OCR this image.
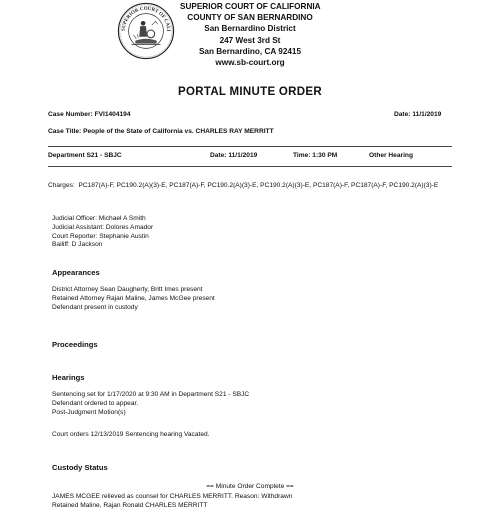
SUPERIOR COURT OF CALI
SUPERIOR COURT OF CALIFORNIA
COUNTY OF SAN BERNARDINO
San Bernardino District
247 West 3rd St
San Bernardino, CA 92415
www.sb-court.org
PORTAL MINUTE ORDER
Case Number: FVI1404194	Date: 11/1/2019
Case Title: People of the State of California vs. CHARLES RAY MERRITT
Department S21 - SBJC	Date: 11/1/2019	Time: 1:30 PM	Other Hearing
Charges: PC187(A)-F, PC190.2(A)(3)-E, PC187(A)-F, PC190.2(A)(3)-E, PC190.2(A)(3)-E, PC187(A)-F, PC187(A)-F, PC190.2(A)(3)-E
Judicial Officer: Michael A Smith
Judicial Assistant: Dolores Amador
Court Reporter: Stephanie Austin
Bailiff: D Jackson
Appearances
District Attorney Sean Daugherty, Britt Imes present
Retained Attorney Rajan Maline, James McGee present
Defendant present in custody
Proceedings
Hearings
Sentencing set for 1/17/2020 at 9:30 AM in Department S21 - SBJC
Defendant ordered to appear.
Post-Judgment Motion(s)
Court orders 12/13/2019 Sentencing hearing Vacated.
Custody Status
== Minute Order Complete ==
JAMES MCGEE relieved as counsel for CHARLES MERRITT. Reason: Withdrawn
Retained Maline, Rajan Ronald CHARLES MERRITT
